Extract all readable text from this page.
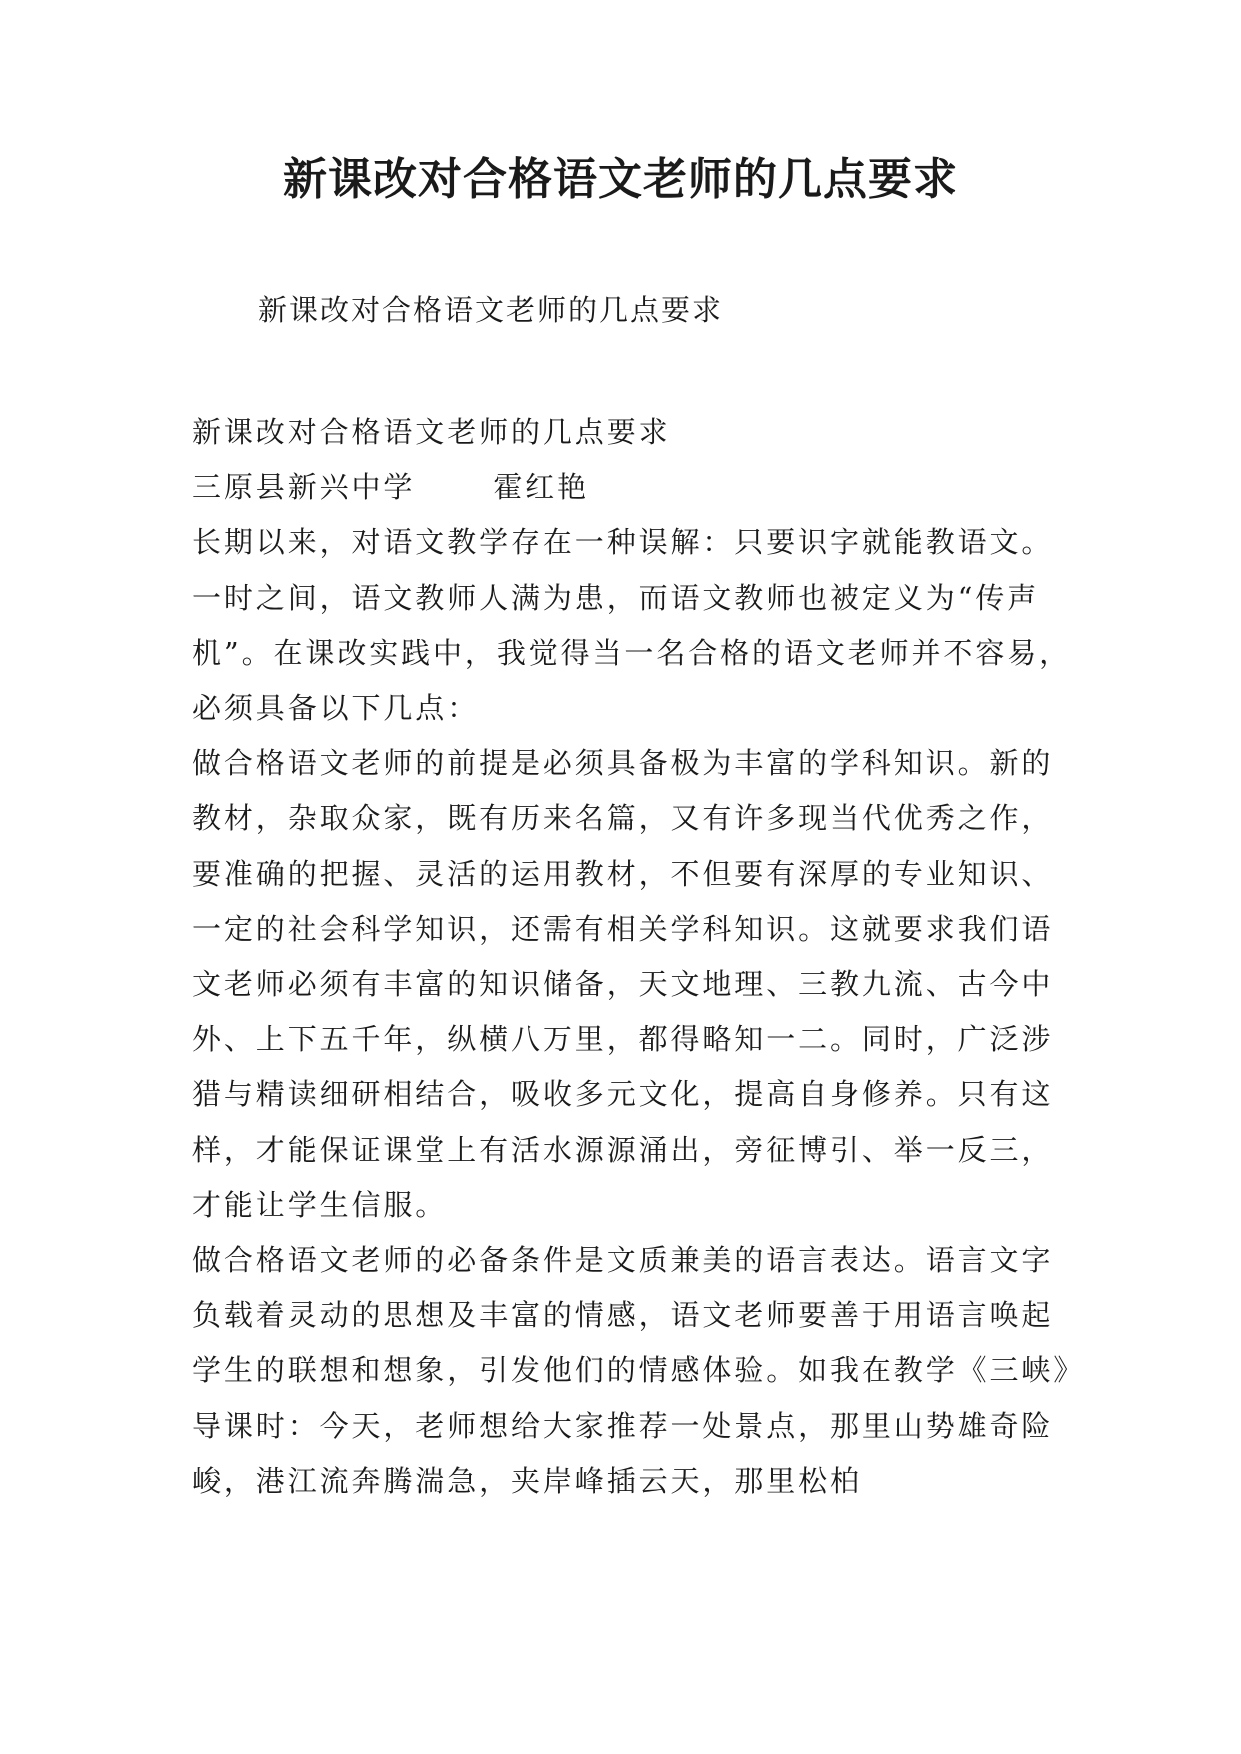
新课改对合格语文老师的几点要求

新课改对合格语文老师的几点要求

新课改对合格语文老师的几点要求

三原县新兴中学	霍红艳

长期以来，对语文教学存在一种误解：只要识字就能教语文。一时之间，语文教师人满为患，而语文教师也被定义为“传声机”。在课改实践中，我觉得当一名合格的语文老师并不容易，必须具备以下几点：

做合格语文老师的前提是必须具备极为丰富的学科知识。新的教材，杂取众家，既有历来名篇，又有许多现当代优秀之作，要准确的把握、灵活的运用教材，不但要有深厚的专业知识、一定的社会科学知识，还需有相关学科知识。这就要求我们语文老师必须有丰富的知识储备，天文地理、三教九流、古今中外、上下五千年，纵横八万里，都得略知一二。同时，广泛涉猎与精读细研相结合，吸收多元文化，提高自身修养。只有这样，才能保证课堂上有活水源源涌出，旁征博引、举一反三，才能让学生信服。

做合格语文老师的必备条件是文质兼美的语言表达。语言文字负载着灵动的思想及丰富的情感，语文老师要善于用语言唤起学生的联想和想象，引发他们的情感体验。如我在教学《三峡》导课时：今天，老师想给大家推荐一处景点，那里山势雄奇险峻，港江流奔腾湍急，夹岸峰插云天，那里松柏
